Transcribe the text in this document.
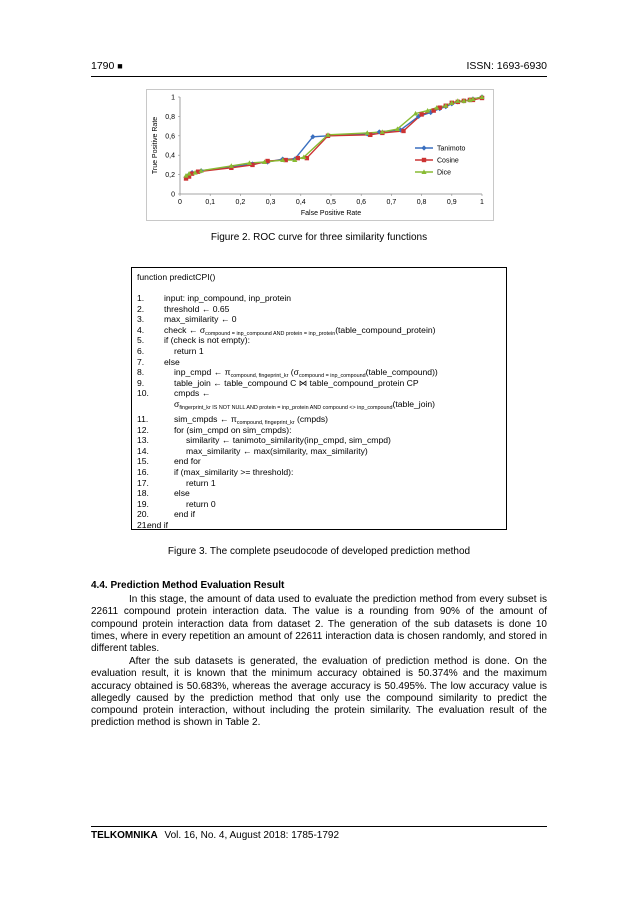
1790 ■	ISSN: 1693-6930
0	0,1	0,2	0,3	0,4	0,5	0,6	0,7	0,8	0,9	1
0
0,2
0,4
0,6
0,8
1
False Positive Rate
True Positive Rate	Tanimoto
Cosine
Dice
Figure 2. ROC curve for three similarity functions
function predictCPI()
1. input: inp_compound, inp_protein
2. threshold ← 0.65
3. max_similarity ← 0
4. check ← $\sigma_{compound = inp\_compound AND protein = inp\_protein}(table\_compound\_protein)$
5. if (check is not empty):
6.	return 1
7. else
8.	inp_cmpd ← $\pi_{compound, fingeprint\_kr}$ $(\sigma_{compound = inp\_compound}(table\_compound))$
9.	table_join ← table_compound C ⋈ table_compound_protein CP
10.	cmpds ←
$\sigma_{fingerprint\_kr IS NOT NULL AND protein = inp\_protein AND compound <> inp\_compound}(table\_join)$
11.	sim_cmpds ← $\pi_{compound, fingeprint\_kr}$ (cmpds)
12.	for (sim_cmpd on sim_cmpds):
13.	similarity ← tanimoto_similarity(inp_cmpd, sim_cmpd)
14.	max_similarity ← max(similarity, max_similarity)
15.	end for
16.	if (max_similarity >= threshold):
17.	return 1
18.	else
19.	return 0
20.	end if
21.
end if
Figure 3. The complete pseudocode of developed prediction method
4.4. Prediction Method Evaluation Result
In this stage, the amount of data used to evaluate the prediction method from every subset is 22611 compound protein interaction data. The value is a rounding from 90% of the amount of compound protein interaction data from dataset 2. The generation of the sub datasets is done 10 times, where in every repetition an amount of 22611 interaction data is chosen randomly, and stored in different tables.
After the sub datasets is generated, the evaluation of prediction method is done. On the evaluation result, it is known that the minimum accuracy obtained is 50.374% and the maximum accuracy obtained is 50.683%, whereas the average accuracy is 50.495%. The low accuracy value is allegedly caused by the prediction method that only use the compound similarity to predict the compound protein interaction, without including the protein similarity. The evaluation result of the prediction method is shown in Table 2.
TELKOMNIKA Vol. 16, No. 4, August 2018: 1785-1792
